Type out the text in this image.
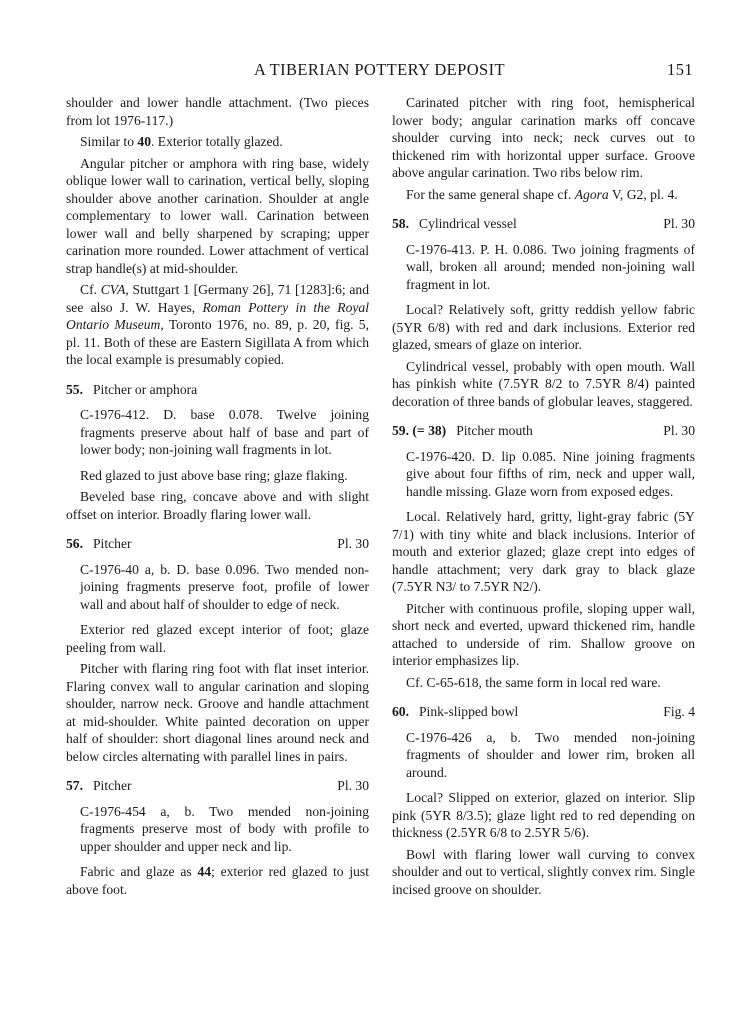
A TIBERIAN POTTERY DEPOSIT	151

shoulder and lower handle attachment. (Two pieces from lot 1976-117.)

Similar to 40. Exterior totally glazed.

Angular pitcher or amphora with ring base, widely oblique lower wall to carination, vertical belly, sloping shoulder above another carination. Shoulder at angle complementary to lower wall. Carination between lower wall and belly sharpened by scraping; upper carination more rounded. Lower attachment of vertical strap handle(s) at mid-shoulder.

Cf. CVA, Stuttgart 1 [Germany 26], 71 [1283]:6; and see also J. W. Hayes, Roman Pottery in the Royal Ontario Museum, Toronto 1976, no. 89, p. 20, fig. 5, pl. 11. Both of these are Eastern Sigillata A from which the local example is presumably copied.

55. Pitcher or amphora

C-1976-412. D. base 0.078. Twelve joining fragments preserve about half of base and part of lower body; non-joining wall fragments in lot.

Red glazed to just above base ring; glaze flaking.

Beveled base ring, concave above and with slight offset on interior. Broadly flaring lower wall.

56. Pitcher	Pl. 30

C-1976-40 a, b. D. base 0.096. Two mended non-joining fragments preserve foot, profile of lower wall and about half of shoulder to edge of neck.

Exterior red glazed except interior of foot; glaze peeling from wall.

Pitcher with flaring ring foot with flat inset interior. Flaring convex wall to angular carination and sloping shoulder, narrow neck. Groove and handle attachment at mid-shoulder. White painted decoration on upper half of shoulder: short diagonal lines around neck and below circles alternating with parallel lines in pairs.

57. Pitcher	Pl. 30

C-1976-454 a, b. Two mended non-joining fragments preserve most of body with profile to upper shoulder and upper neck and lip.

Fabric and glaze as 44; exterior red glazed to just above foot.

Carinated pitcher with ring foot, hemispherical lower body; angular carination marks off concave shoulder curving into neck; neck curves out to thickened rim with horizontal upper surface. Groove above angular carination. Two ribs below rim.

For the same general shape cf. Agora V, G2, pl. 4.

58. Cylindrical vessel	Pl. 30

C-1976-413. P. H. 0.086. Two joining fragments of wall, broken all around; mended non-joining wall fragment in lot.

Local? Relatively soft, gritty reddish yellow fabric (5YR 6/8) with red and dark inclusions. Exterior red glazed, smears of glaze on interior.

Cylindrical vessel, probably with open mouth. Wall has pinkish white (7.5YR 8/2 to 7.5YR 8/4) painted decoration of three bands of globular leaves, staggered.

59. (= 38) Pitcher mouth	Pl. 30

C-1976-420. D. lip 0.085. Nine joining fragments give about four fifths of rim, neck and upper wall, handle missing. Glaze worn from exposed edges.

Local. Relatively hard, gritty, light-gray fabric (5Y 7/1) with tiny white and black inclusions. Interior of mouth and exterior glazed; glaze crept into edges of handle attachment; very dark gray to black glaze (7.5YR N3/ to 7.5YR N2/).

Pitcher with continuous profile, sloping upper wall, short neck and everted, upward thickened rim, handle attached to underside of rim. Shallow groove on interior emphasizes lip.

Cf. C-65-618, the same form in local red ware.

60. Pink-slipped bowl	Fig. 4

C-1976-426 a, b. Two mended non-joining fragments of shoulder and lower rim, broken all around.

Local? Slipped on exterior, glazed on interior. Slip pink (5YR 8/3.5); glaze light red to red depending on thickness (2.5YR 6/8 to 2.5YR 5/6).

Bowl with flaring lower wall curving to convex shoulder and out to vertical, slightly convex rim. Single incised groove on shoulder.
